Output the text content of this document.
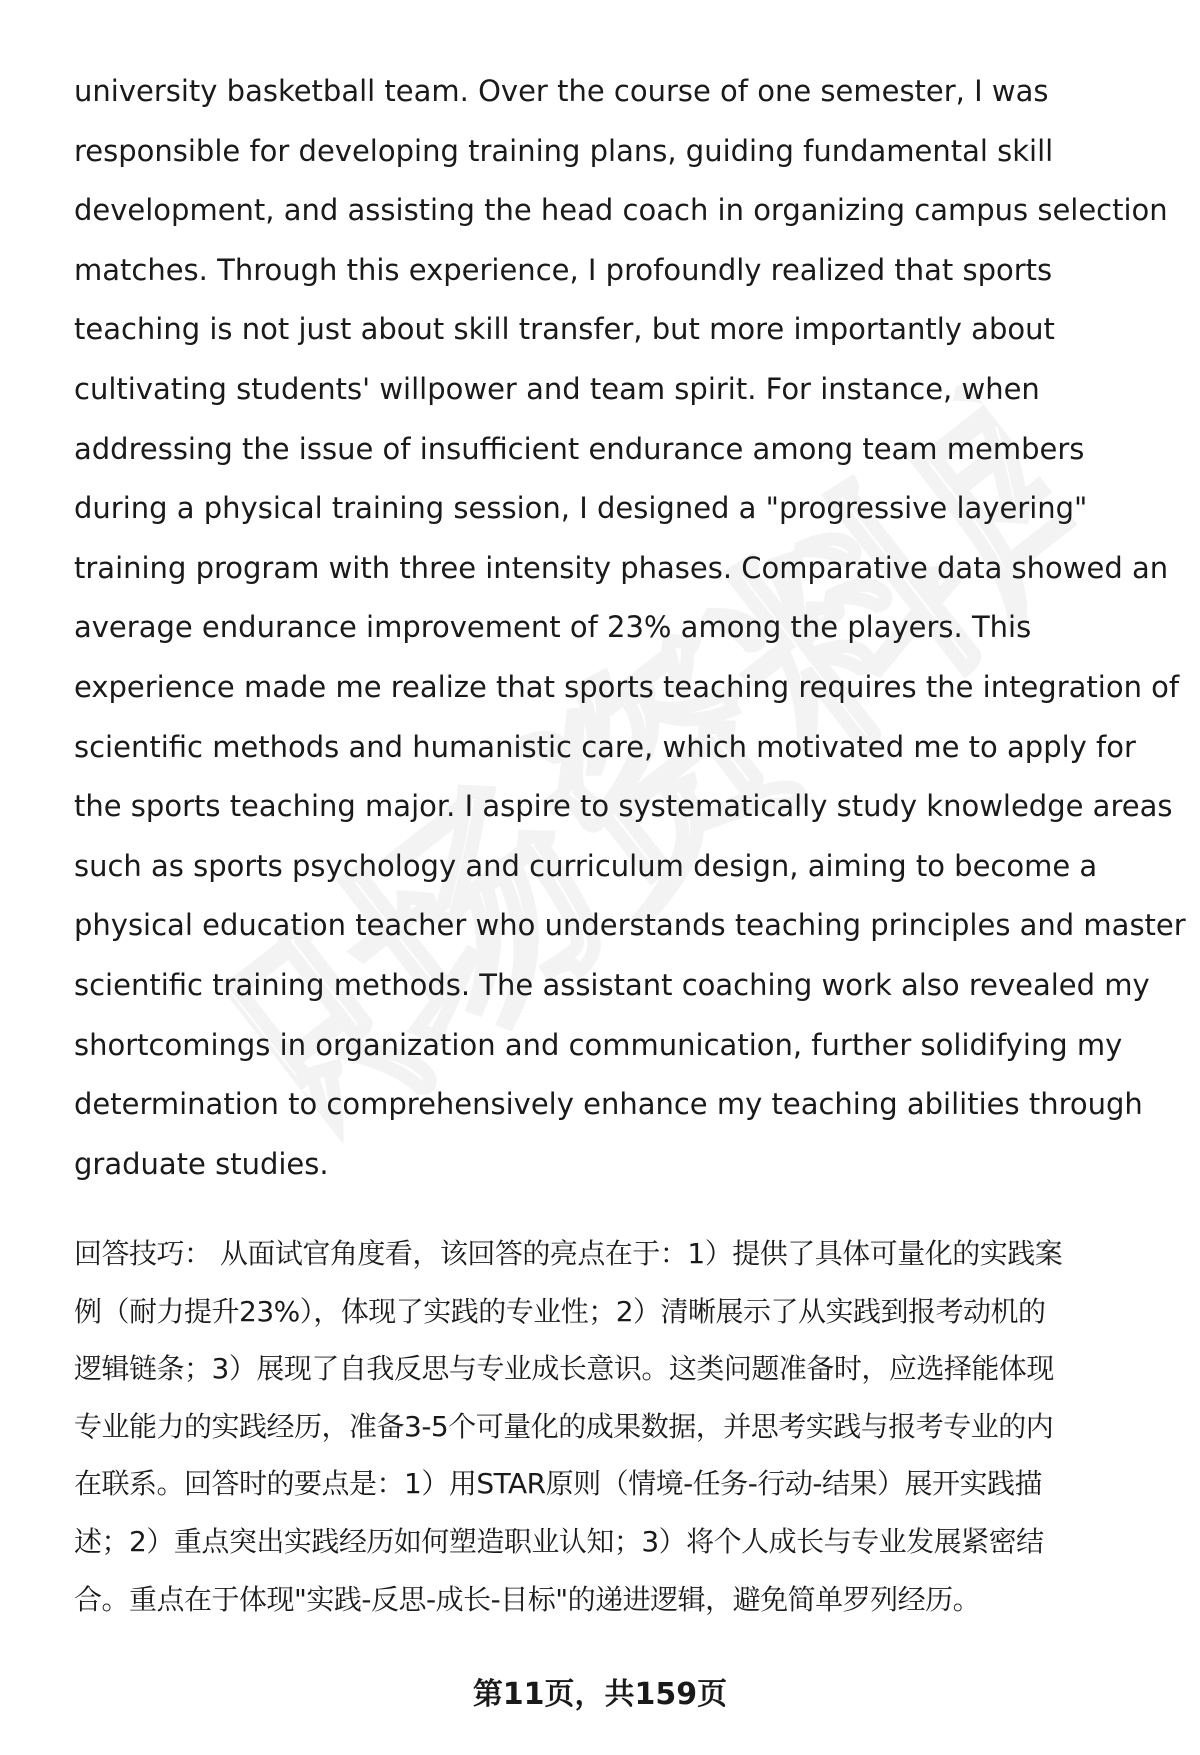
university basketball team. Over the course of one semester, I was
responsible for developing training plans, guiding fundamental skill
development, and assisting the head coach in organizing campus selection
matches. Through this experience, I profoundly realized that sports
teaching is not just about skill transfer, but more importantly about
cultivating students' willpower and team spirit. For instance, when
addressing the issue of insufficient endurance among team members
during a physical training session, I designed a "progressive layering"
training program with three intensity phases. Comparative data showed an
average endurance improvement of 23% among the players. This
experience made me realize that sports teaching requires the integration of
scientific methods and humanistic care, which motivated me to apply for
the sports teaching major. I aspire to systematically study knowledge areas
such as sports psychology and curriculum design, aiming to become a
physical education teacher who understands teaching principles and master
scientific training methods. The assistant coaching work also revealed my
shortcomings in organization and communication, further solidifying my
determination to comprehensively enhance my teaching abilities through
graduate studies.
回答技巧： 从面试官角度看，该回答的亮点在于：1）提供了具体可量化的实践案
例（耐力提升23%），体现了实践的专业性；2）清晰展示了从实践到报考动机的
逻辑链条；3）展现了自我反思与专业成长意识。这类问题准备时，应选择能体现
专业能力的实践经历，准备3-5个可量化的成果数据，并思考实践与报考专业的内
在联系。回答时的要点是：1）用STAR原则（情境-任务-行动-结果）展开实践描
述；2）重点突出实践经历如何塑造职业认知；3）将个人成长与专业发展紧密结
合。重点在于体现"实践-反思-成长-目标"的递进逻辑，避免简单罗列经历。
第11页，共159页
